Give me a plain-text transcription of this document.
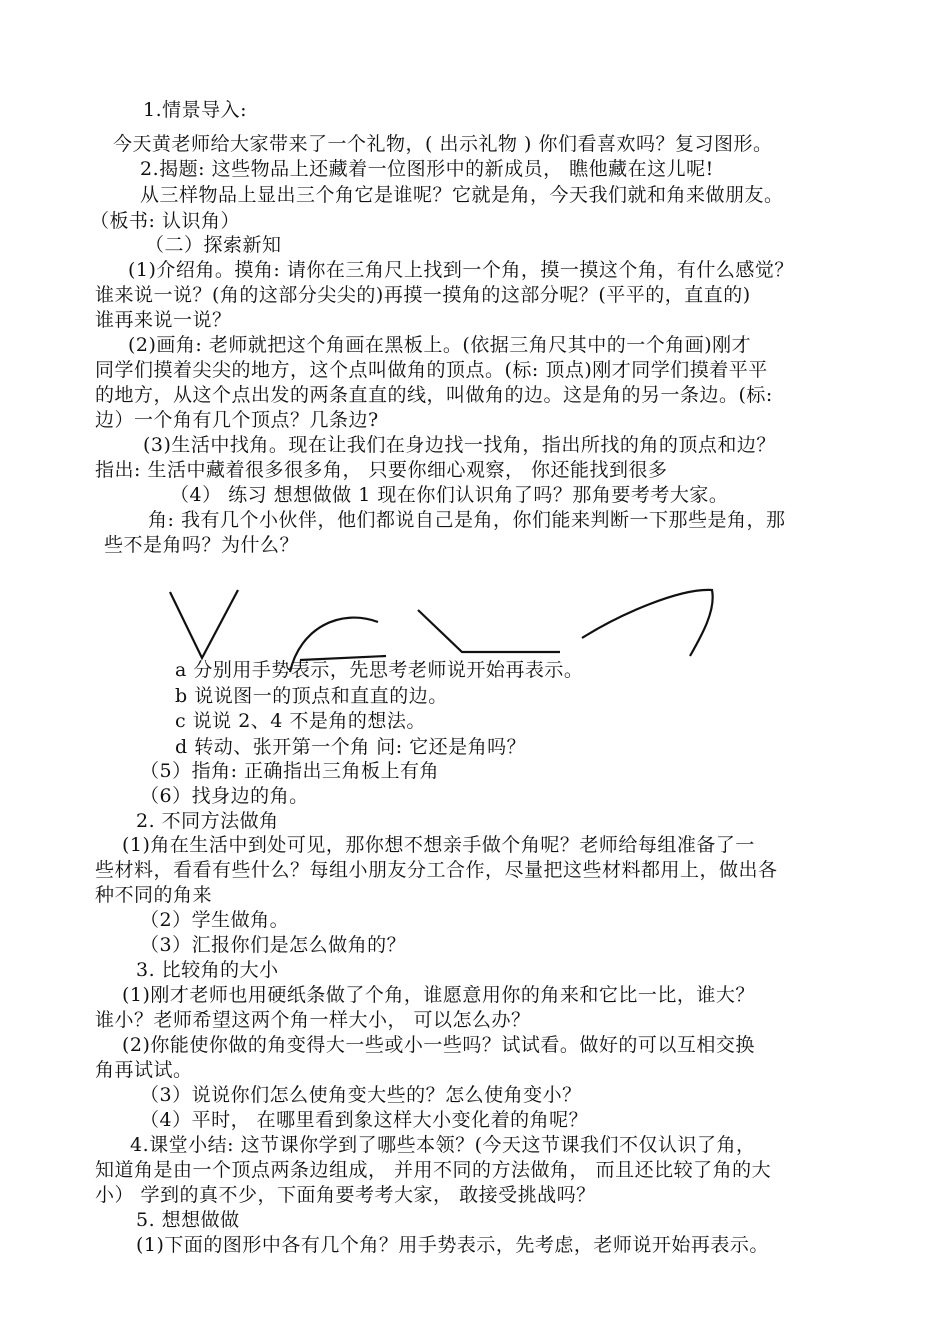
1.情景导入:
今天黄老师给大家带来了一个礼物，( 出示礼物 ) 你们看喜欢吗？复习图形。
2.揭题: 这些物品上还藏着一位图形中的新成员， 瞧他藏在这儿呢!
从三样物品上显出三个角它是谁呢？它就是角，今天我们就和角来做朋友。
（板书: 认识角）
（二）探索新知
(1)介绍角。摸角: 请你在三角尺上找到一个角，摸一摸这个角，有什么感觉？
谁来说一说？(角的这部分尖尖的)再摸一摸角的这部分呢？(平平的，直直的)
谁再来说一说？
(2)画角: 老师就把这个角画在黑板上。(依据三角尺其中的一个角画)刚才
同学们摸着尖尖的地方，这个点叫做角的顶点。(标: 顶点)刚才同学们摸着平平
的地方，从这个点出发的两条直直的线，叫做角的边。这是角的另一条边。(标:
边）一个角有几个顶点？几条边?
(3)生活中找角。现在让我们在身边找一找角，指出所找的角的顶点和边？
指出: 生活中藏着很多很多角， 只要你细心观察， 你还能找到很多
（4） 练习 想想做做 1 现在你们认识角了吗？那角要考考大家。
角: 我有几个小伙伴，他们都说自己是角，你们能来判断一下那些是角，那
些不是角吗？为什么？
a 分别用手势表示，先思考老师说开始再表示。
b 说说图一的顶点和直直的边。
c 说说 2、4 不是角的想法。
d 转动、张开第一个角 问: 它还是角吗？
（5）指角: 正确指出三角板上有角
（6）找身边的角。
2. 不同方法做角
(1)角在生活中到处可见，那你想不想亲手做个角呢？老师给每组准备了一
些材料，看看有些什么？每组小朋友分工合作，尽量把这些材料都用上，做出各
种不同的角来
（2）学生做角。
（3）汇报你们是怎么做角的？
3. 比较角的大小
(1)刚才老师也用硬纸条做了个角，谁愿意用你的角来和它比一比，谁大？
谁小？老师希望这两个角一样大小， 可以怎么办？
(2)你能使你做的角变得大一些或小一些吗？试试看。做好的可以互相交换
角再试试。
（3）说说你们怎么使角变大些的？怎么使角变小？
（4）平时， 在哪里看到象这样大小变化着的角呢？
4.课堂小结: 这节课你学到了哪些本领？(今天这节课我们不仅认识了角，
知道角是由一个顶点两条边组成， 并用不同的方法做角， 而且还比较了角的大
小） 学到的真不少，下面角要考考大家， 敢接受挑战吗？
5. 想想做做
(1)下面的图形中各有几个角？用手势表示，先考虑，老师说开始再表示。
